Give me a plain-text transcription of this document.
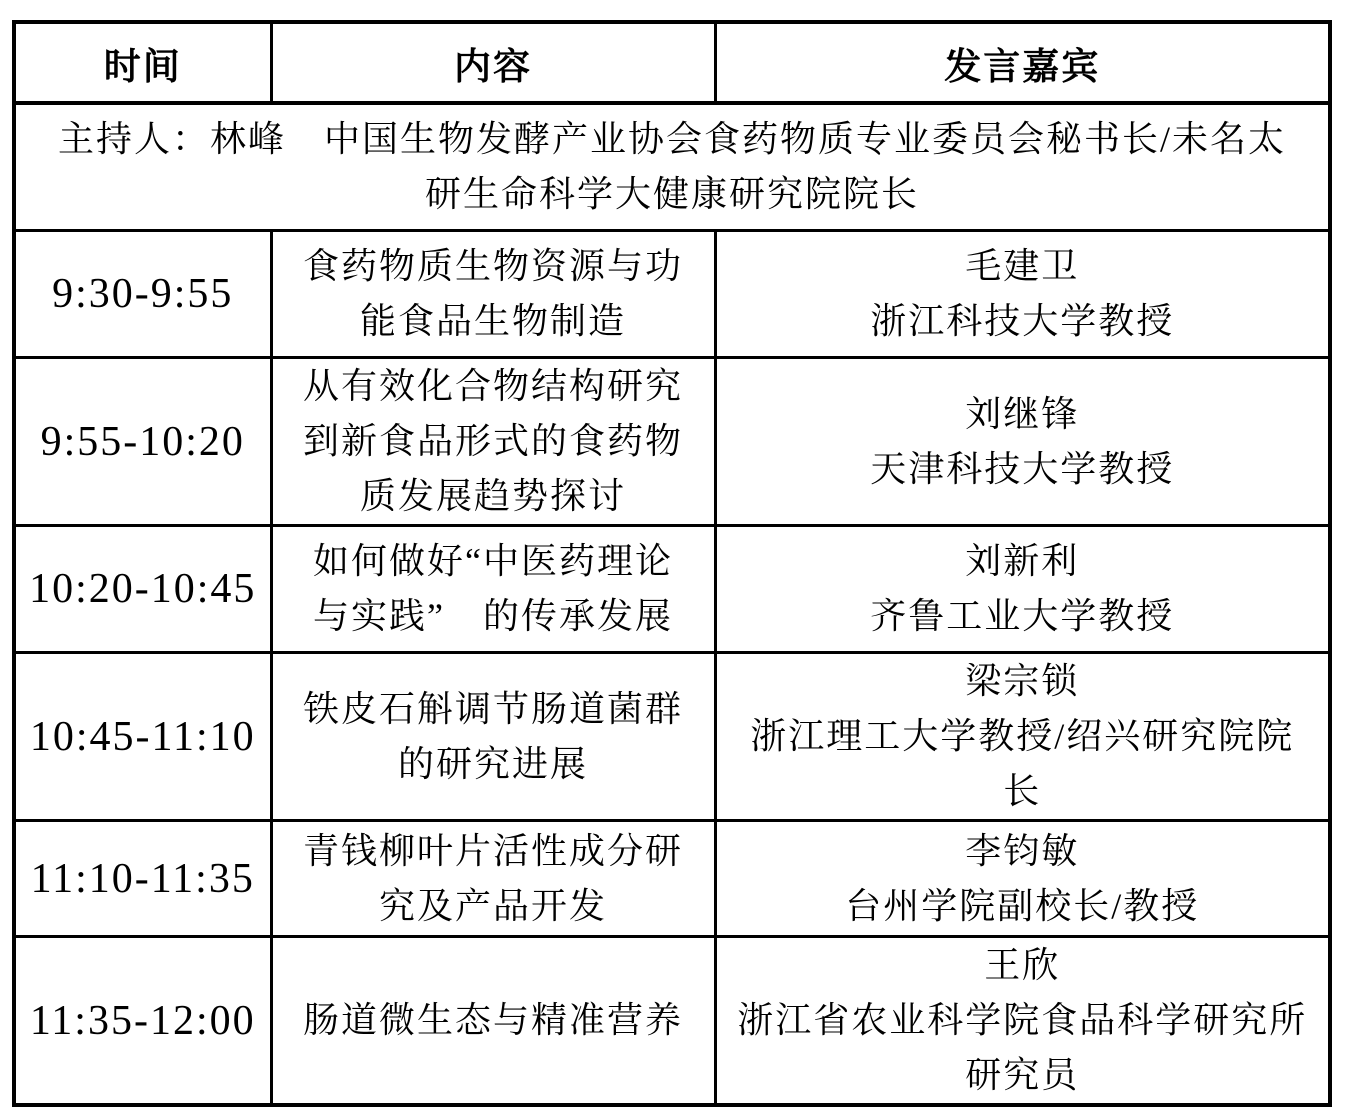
时间	内容	发言嘉宾

主持人：林峰　中国生物发酵产业协会食药物质专业委员会秘书长/未名太
研生命科学大健康研究院院长		

9:30-9:55	食药物质生物资源与功能食品生物制造	毛建卫
浙江科技大学教授

9:55-10:20	从有效化合物结构研究到新食品形式的食药物质发展趋势探讨	刘继锋
天津科技大学教授

10:20-10:45	如何做好“中医药理论与实践”　的传承发展	刘新利
齐鲁工业大学教授

10:45-11:10	铁皮石斛调节肠道菌群的研究进展	梁宗锁
浙江理工大学教授/绍兴研究院院长

11:10-11:35	青钱柳叶片活性成分研究及产品开发	李钧敏
台州学院副校长/教授

11:35-12:00	肠道微生态与精准营养	王欣
浙江省农业科学院食品科学研究所研究员
